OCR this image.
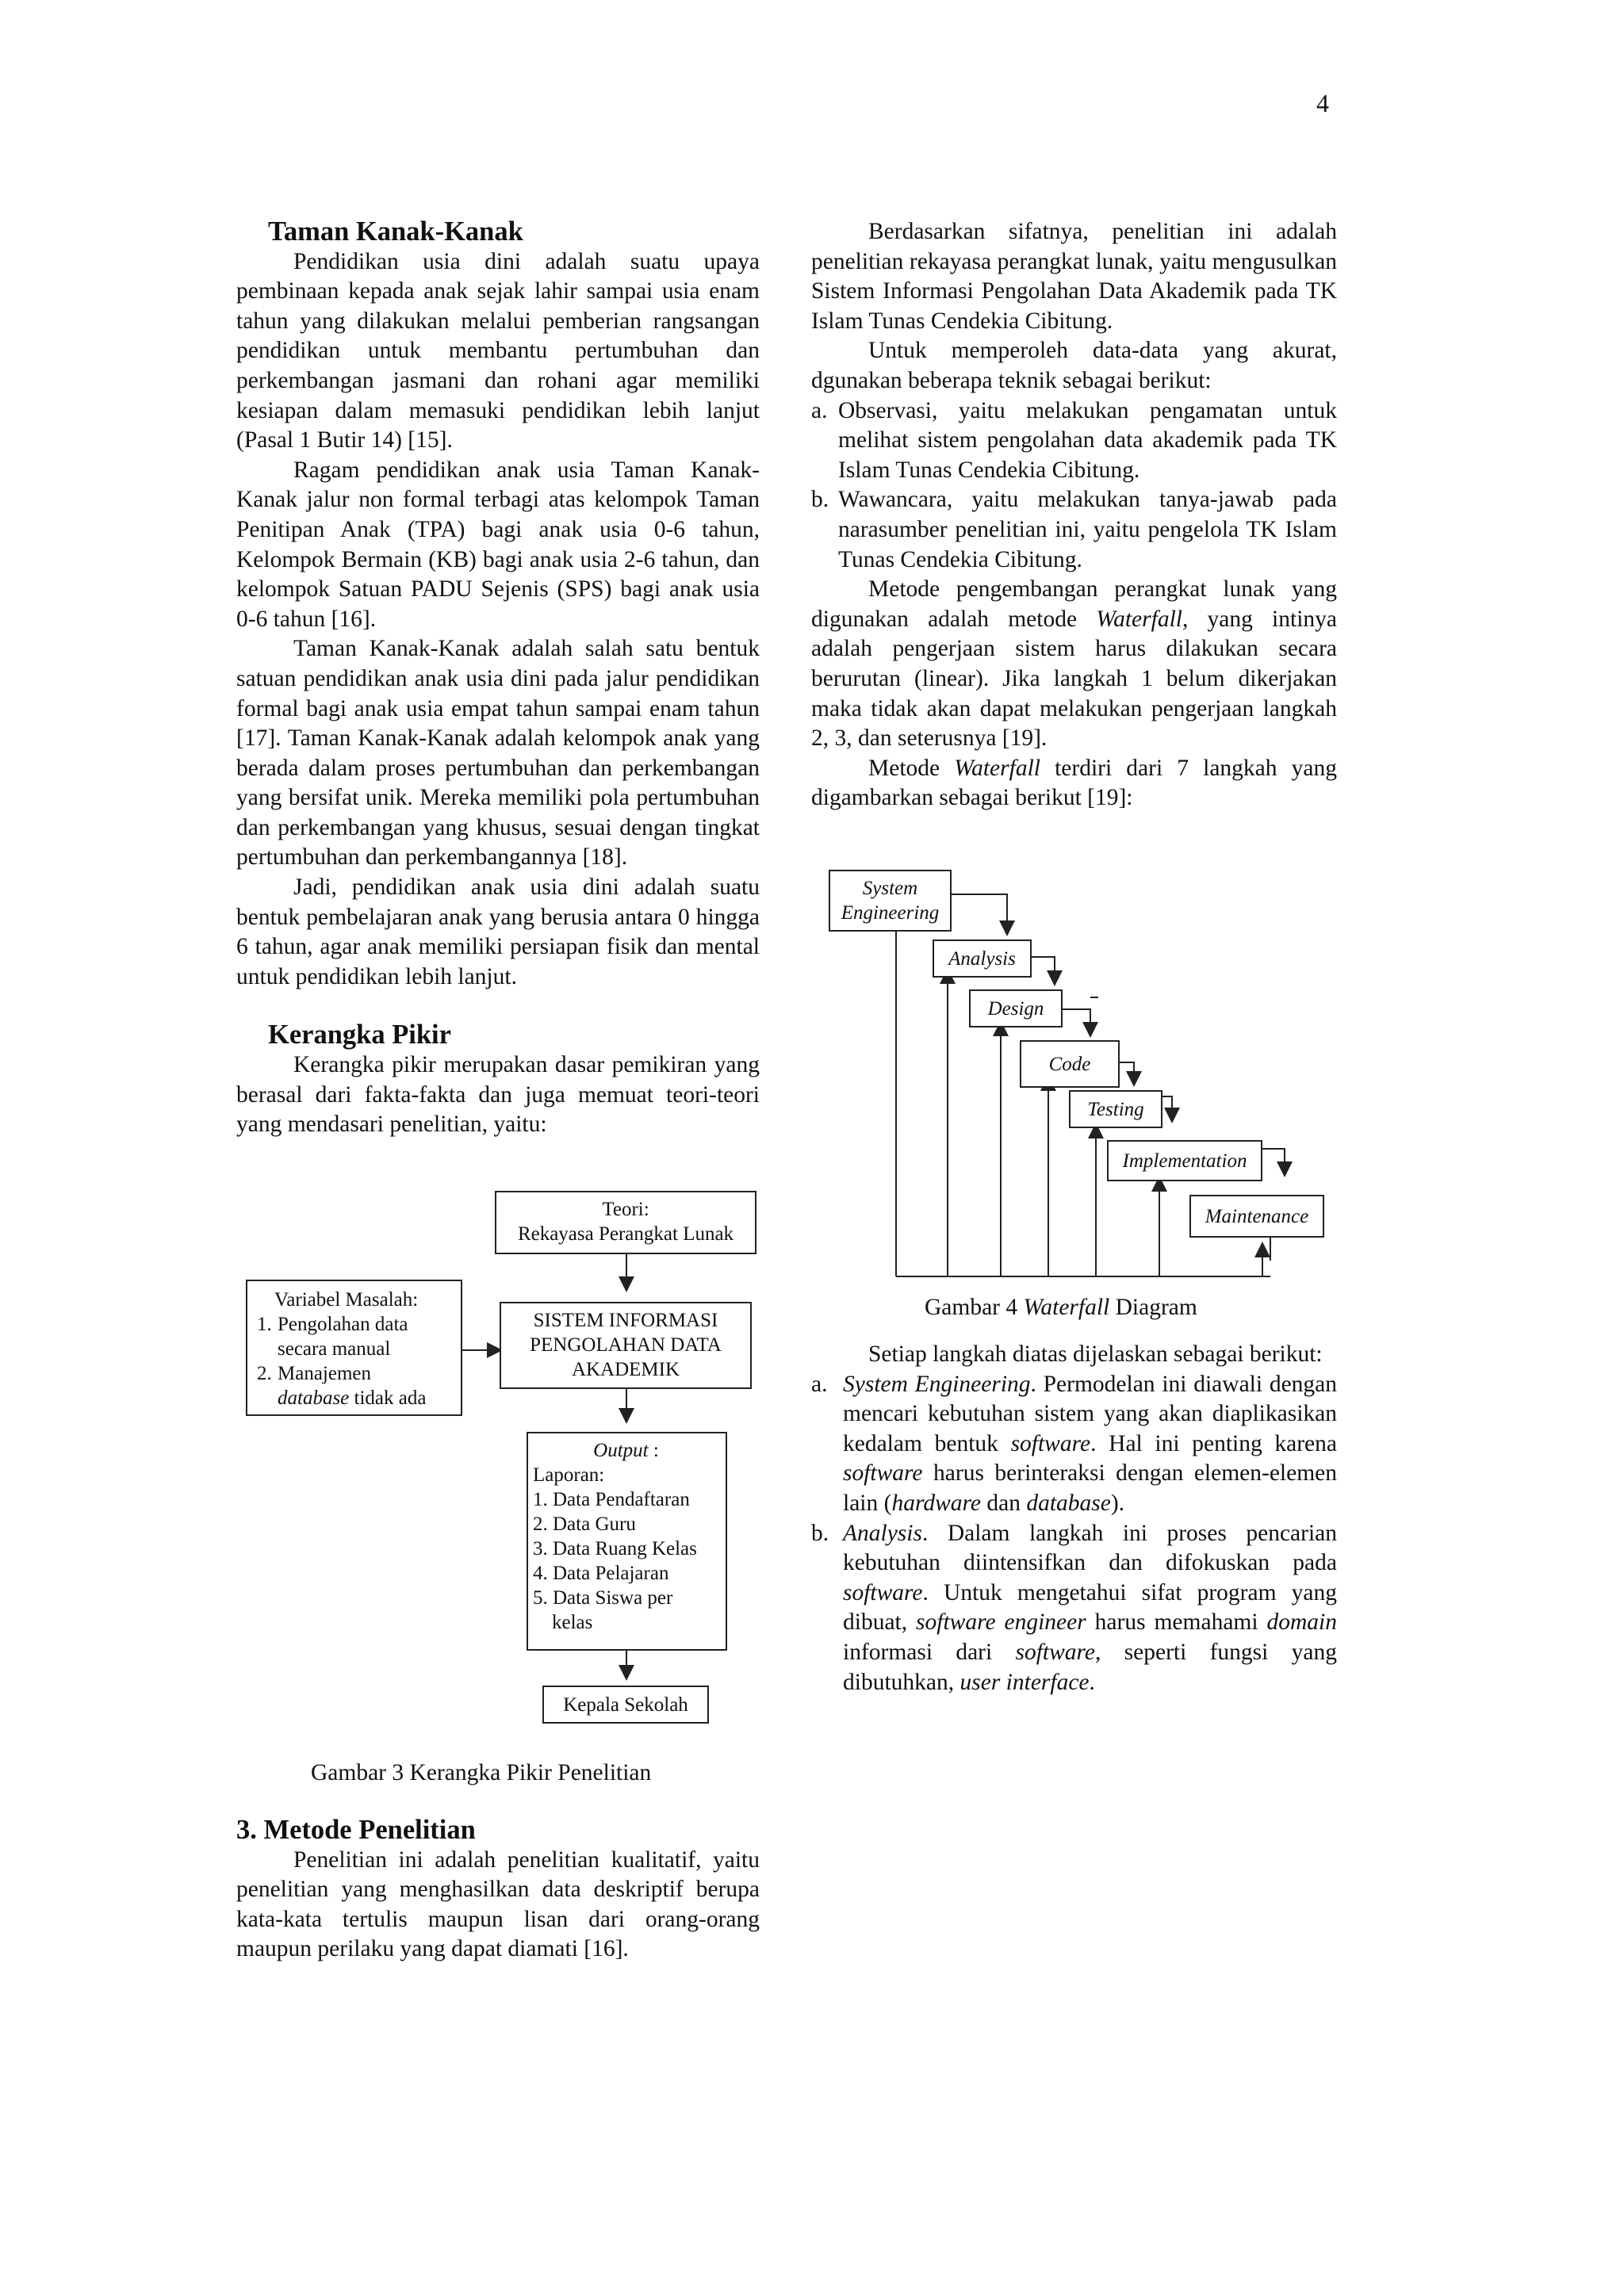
4
Taman Kanak-Kanak

Pendidikan usia dini adalah suatu upaya pembinaan kepada anak sejak lahir sampai usia enam tahun yang dilakukan melalui pemberian rangsangan pendidikan untuk membantu pertumbuhan dan perkembangan jasmani dan rohani agar memiliki kesiapan dalam memasuki pendidikan lebih lanjut (Pasal 1 Butir 14) [15].

Ragam pendidikan anak usia Taman Kanak-Kanak jalur non formal terbagi atas kelompok Taman Penitipan Anak (TPA) bagi anak usia 0-6 tahun, Kelompok Bermain (KB) bagi anak usia 2-6 tahun, dan kelompok Satuan PADU Sejenis (SPS) bagi anak usia 0-6 tahun [16].

Taman Kanak-Kanak adalah salah satu bentuk satuan pendidikan anak usia dini pada jalur pendidikan formal bagi anak usia empat tahun sampai enam tahun [17]. Taman Kanak-Kanak adalah kelompok anak yang berada dalam proses pertumbuhan dan perkembangan yang bersifat unik. Mereka memiliki pola pertumbuhan dan perkembangan yang khusus, sesuai dengan tingkat pertumbuhan dan perkembangannya [18].

Jadi, pendidikan anak usia dini adalah suatu bentuk pembelajaran anak yang berusia antara 0 hingga 6 tahun, agar anak memiliki persiapan fisik dan mental untuk pendidikan lebih lanjut.

Kerangka Pikir

Kerangka pikir merupakan dasar pemikiran yang berasal dari fakta-fakta dan juga memuat teori-teori yang mendasari penelitian, yaitu:

Teori:
Rekayasa Perangkat Lunak
Variabel Masalah:
1. Pengolahan data secara manual
2. Manajemen
database tidak ada
SISTEM INFORMASI PENGOLAHAN DATA AKADEMIK
Output :
Laporan:
1. Data Pendaftaran
2. Data Guru
3. Data Ruang Kelas
4. Data Pelajaran
5. Data Siswa per
kelas
Kepala Sekolah
Gambar 3 Kerangka Pikir Penelitian
3. Metode Penelitian

Penelitian ini adalah penelitian kualitatif, yaitu penelitian yang menghasilkan data deskriptif berupa kata-kata tertulis maupun lisan dari orang-orang maupun perilaku yang dapat diamati [16].

Berdasarkan sifatnya, penelitian ini adalah penelitian rekayasa perangkat lunak, yaitu mengusulkan Sistem Informasi Pengolahan Data Akademik pada TK Islam Tunas Cendekia Cibitung.

Untuk memperoleh data-data yang akurat, dgunakan beberapa teknik sebagai berikut:

a. Observasi, yaitu melakukan pengamatan untuk melihat sistem pengolahan data akademik pada TK Islam Tunas Cendekia Cibitung.
b. Wawancara, yaitu melakukan tanya-jawab pada narasumber penelitian ini, yaitu pengelola TK Islam Tunas Cendekia Cibitung.

Metode pengembangan perangkat lunak yang digunakan adalah metode Waterfall, yang intinya adalah pengerjaan sistem harus dilakukan secara berurutan (linear). Jika langkah 1 belum dikerjakan maka tidak akan dapat melakukan pengerjaan langkah 2, 3, dan seterusnya [19].

Metode Waterfall terdiri dari 7 langkah yang digambarkan sebagai berikut [19]:

System
Engineering
Analysis
Design
Code
Testing
Implementation
Maintenance
Gambar 4 Waterfall Diagram

Setiap langkah diatas dijelaskan sebagai berikut:

a. System Engineering. Permodelan ini diawali dengan mencari kebutuhan sistem yang akan diaplikasikan kedalam bentuk software. Hal ini penting karena software harus berinteraksi dengan elemen-elemen lain (hardware dan database).
b. Analysis. Dalam langkah ini proses pencarian kebutuhan diintensifkan dan difokuskan pada software. Untuk mengetahui sifat program yang dibuat, software engineer harus memahami domain informasi dari software, seperti fungsi yang dibutuhkan, user interface.
